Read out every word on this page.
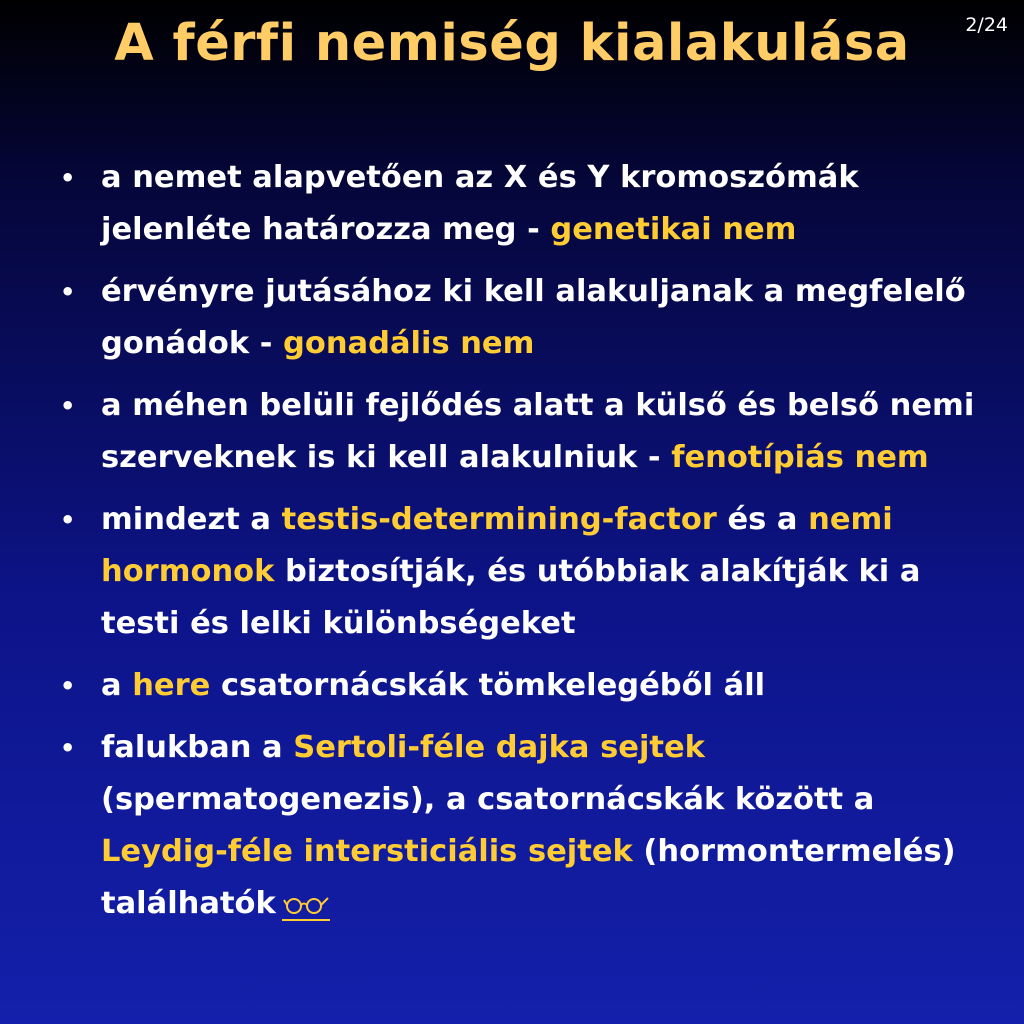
2/24
A férfi nemiség kialakulása
• a nemet alapvetően az X és Y kromoszómák jelenléte határozza meg - genetikai nem
• érvényre jutásához ki kell alakuljanak a megfelelő gonádok - gonadális nem
• a méhen belüli fejlődés alatt a külső és belső nemi szerveknek is ki kell alakulniuk - fenotípiás nem
• mindezt a testis-determining-factor és a nemi hormonok biztosítják, és utóbbiak alakítják ki a testi és lelki különbségeket
• a here csatornácskák tömkelegéből áll
• falukban a Sertoli-féle dajka sejtek (spermatogenezis), a csatornácskák között a Leydig-féle intersticiális sejtek (hormontermelés) találhatók
